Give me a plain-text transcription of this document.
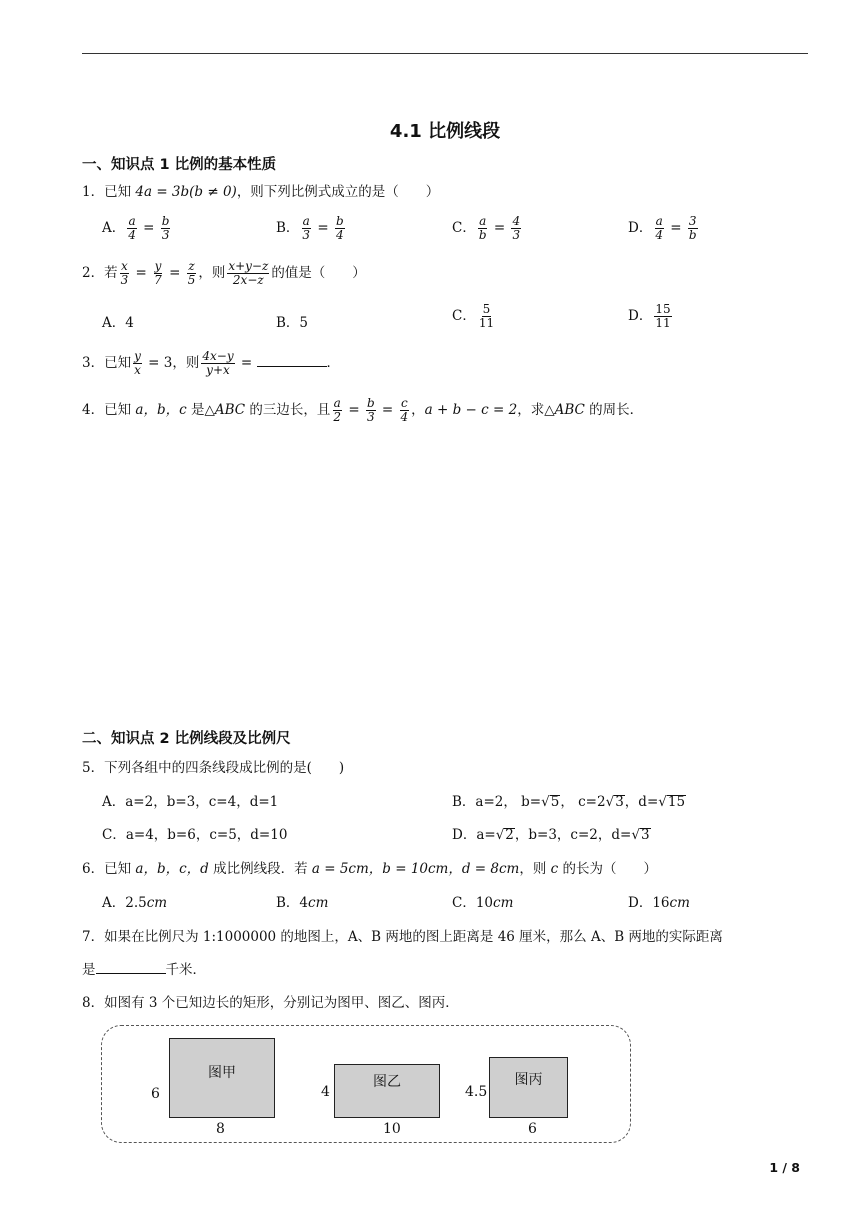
4.1 比例线段
一、知识点 1 比例的基本性质
1．已知 4a = 3b(b ≠ 0)，则下列比例式成立的是（　　）
A． $\frac{a}{4} = \frac{b}{3}$	B． $\frac{a}{3} = \frac{b}{4}$	C． $\frac{a}{b} = \frac{4}{3}$	D． $\frac{a}{4} = \frac{3}{b}$
2．若 $\frac{x}{3} = \frac{y}{7} = \frac{z}{5}$ ，则 $\frac{x+y-z}{2x-z}$ 的值是（　　）
A．4	B．5	C． $\frac{5}{11}$	D． $\frac{15}{11}$
3．已知 $\frac{y}{x} = 3$，则 $\frac{4x-y}{y+x}$ =	．
4．已知 a，b，c 是△ABC 的三边长，且 $\frac{a}{2} = \frac{b}{3} = \frac{c}{4}$ ，a + b − c = 2，求△ABC 的周长．
二、知识点 2 比例线段及比例尺
5．下列各组中的四条线段成比例的是(　　)
A．a=2，b=3，c=4，d=1	B．a=2， b=√5， c=2√3，d=√15
C．a=4，b=6，c=5，d=10	D．a=√2，b=3，c=2，d=√3
6．已知 a，b，c，d 成比例线段．若 a = 5cm，b = 10cm，d = 8cm，则 c 的长为（　　）
A．2.5cm	B．4cm	C．10cm	D．16cm
7．如果在比例尺为 1:1000000 的地图上，A、B 两地的图上距离是 46 厘米，那么 A、B 两地的实际距离
是	千米．
8．如图有 3 个已知边长的矩形，分别记为图甲、图乙、图丙．
图甲
6
8
图乙
4
10
图丙
4.5
6
1 / 8
